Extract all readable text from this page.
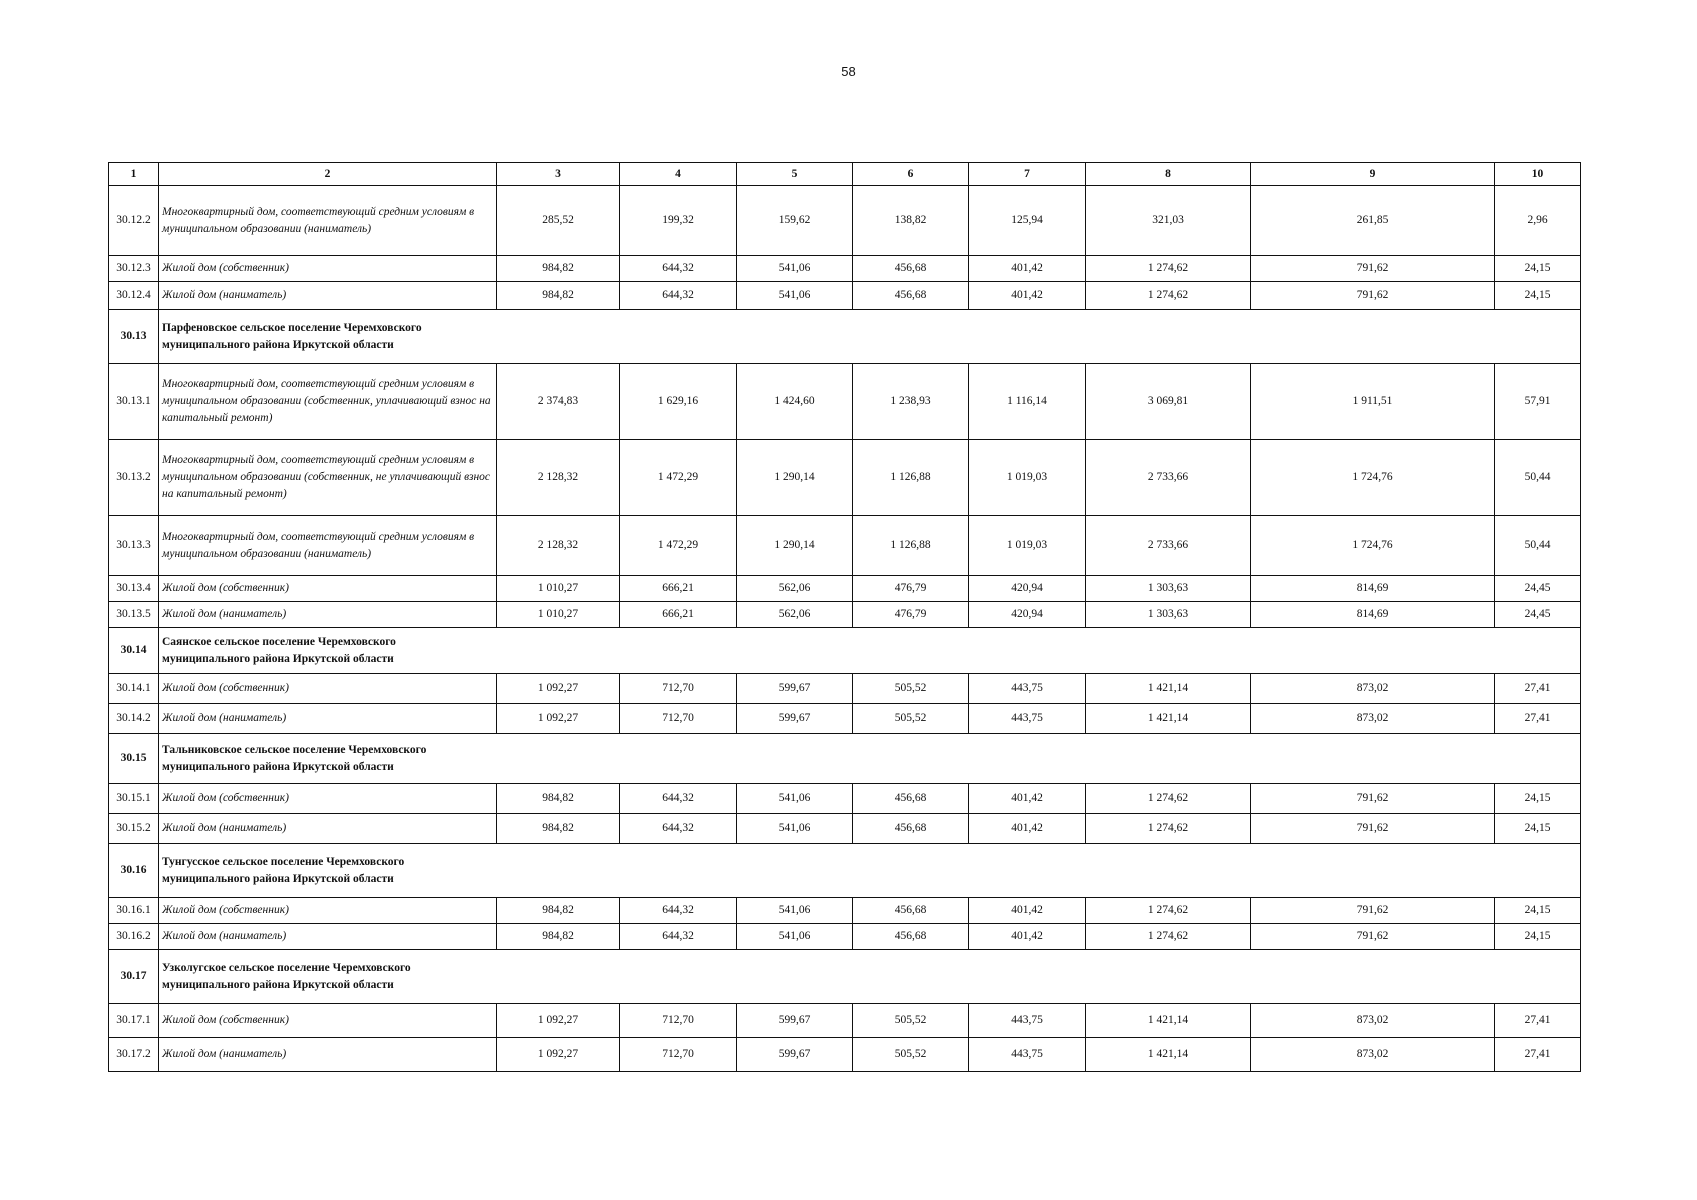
58
1	2	3	4	5	6	7	8	9	10
30.12.2	Многоквартирный дом, соответствующий средним условиям в муниципальном образовании (наниматель)	285,52	199,32	159,62	138,82	125,94	321,03	261,85	2,96
30.12.3	Жилой дом (собственник)	984,82	644,32	541,06	456,68	401,42	1 274,62	791,62	24,15
30.12.4	Жилой дом (наниматель)	984,82	644,32	541,06	456,68	401,42	1 274,62	791,62	24,15
30.13	Парфеновское сельское поселение Черемховского муниципального района Иркутской области								

30.13.1	Многоквартирный дом, соответствующий средним условиям в муниципальном образовании (собственник, уплачивающий взнос на капитальный ремонт)	2 374,83	1 629,16	1 424,60	1 238,93	1 116,14	3 069,81	1 911,51	57,91
30.13.2	Многоквартирный дом, соответствующий средним условиям в муниципальном образовании (собственник, не уплачивающий взнос на капитальный ремонт)	2 128,32	1 472,29	1 290,14	1 126,88	1 019,03	2 733,66	1 724,76	50,44
30.13.3	Многоквартирный дом, соответствующий средним условиям в муниципальном образовании (наниматель)	2 128,32	1 472,29	1 290,14	1 126,88	1 019,03	2 733,66	1 724,76	50,44
30.13.4	Жилой дом (собственник)	1 010,27	666,21	562,06	476,79	420,94	1 303,63	814,69	24,45
30.13.5	Жилой дом (наниматель)	1 010,27	666,21	562,06	476,79	420,94	1 303,63	814,69	24,45
30.14	Саянское сельское поселение Черемховского муниципального района Иркутской области								

30.14.1	Жилой дом (собственник)	1 092,27	712,70	599,67	505,52	443,75	1 421,14	873,02	27,41
30.14.2	Жилой дом (наниматель)	1 092,27	712,70	599,67	505,52	443,75	1 421,14	873,02	27,41
30.15	Тальниковское сельское поселение Черемховского муниципального района Иркутской области								

30.15.1	Жилой дом (собственник)	984,82	644,32	541,06	456,68	401,42	1 274,62	791,62	24,15
30.15.2	Жилой дом (наниматель)	984,82	644,32	541,06	456,68	401,42	1 274,62	791,62	24,15
30.16	Тунгусское сельское поселение Черемховского муниципального района Иркутской области								

30.16.1	Жилой дом (собственник)	984,82	644,32	541,06	456,68	401,42	1 274,62	791,62	24,15
30.16.2	Жилой дом (наниматель)	984,82	644,32	541,06	456,68	401,42	1 274,62	791,62	24,15
30.17	Узколугское сельское поселение Черемховского муниципального района Иркутской области								

30.17.1	Жилой дом (собственник)	1 092,27	712,70	599,67	505,52	443,75	1 421,14	873,02	27,41
30.17.2	Жилой дом (наниматель)	1 092,27	712,70	599,67	505,52	443,75	1 421,14	873,02	27,41
